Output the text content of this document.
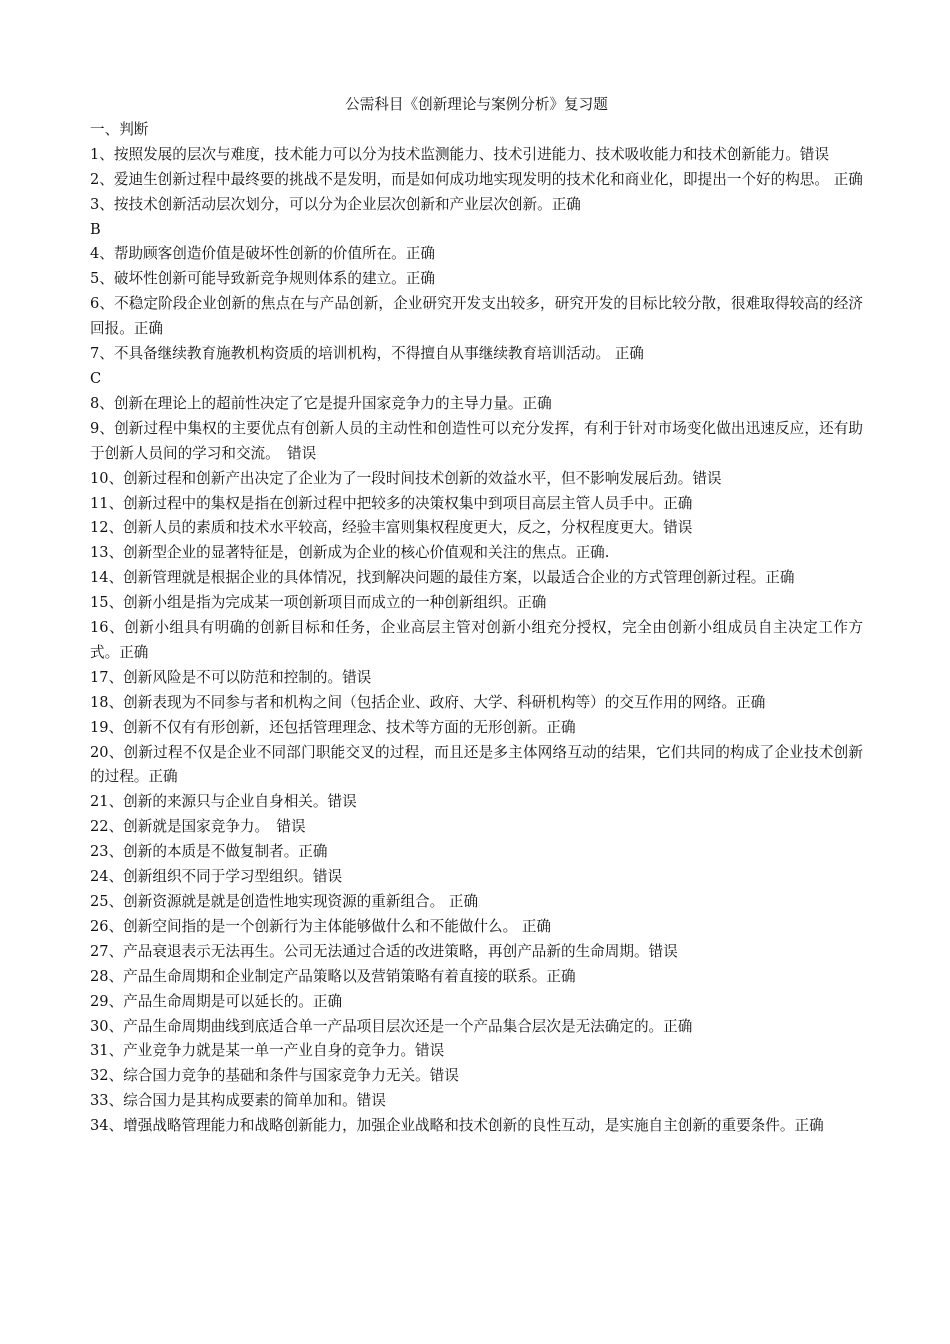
公需科目《创新理论与案例分析》复习题

一、判断

1、按照发展的层次与难度，技术能力可以分为技术监测能力、技术引进能力、技术吸收能力和技术创新能力。错误

2、爱迪生创新过程中最终要的挑战不是发明，而是如何成功地实现发明的技术化和商业化，即提出一个好的构思。 正确

3、按技术创新活动层次划分，可以分为企业层次创新和产业层次创新。正确

B

4、帮助顾客创造价值是破坏性创新的价值所在。正确

5、破坏性创新可能导致新竞争规则体系的建立。正确

6、不稳定阶段企业创新的焦点在与产品创新，企业研究开发支出较多，研究开发的目标比较分散，很难取得较高的经济回报。正确

7、不具备继续教育施教机构资质的培训机构，不得擅自从事继续教育培训活动。 正确

C

8、创新在理论上的超前性决定了它是提升国家竞争力的主导力量。正确

9、创新过程中集权的主要优点有创新人员的主动性和创造性可以充分发挥，有利于针对市场变化做出迅速反应，还有助于创新人员间的学习和交流。　错误

10、创新过程和创新产出决定了企业为了一段时间技术创新的效益水平，但不影响发展后劲。错误

11、创新过程中的集权是指在创新过程中把较多的决策权集中到项目高层主管人员手中。正确

12、创新人员的素质和技术水平较高，经验丰富则集权程度更大，反之，分权程度更大。错误

13、创新型企业的显著特征是，创新成为企业的核心价值观和关注的焦点。正确.

14、创新管理就是根据企业的具体情况，找到解决问题的最佳方案，以最适合企业的方式管理创新过程。正确

15、创新小组是指为完成某一项创新项目而成立的一种创新组织。正确

16、创新小组具有明确的创新目标和任务，企业高层主管对创新小组充分授权，完全由创新小组成员自主决定工作方式。正确

17、创新风险是不可以防范和控制的。错误

18、创新表现为不同参与者和机构之间（包括企业、政府、大学、科研机构等）的交互作用的网络。正确

19、创新不仅有有形创新，还包括管理理念、技术等方面的无形创新。正确

20、创新过程不仅是企业不同部门职能交叉的过程，而且还是多主体网络互动的结果，它们共同的构成了企业技术创新的过程。正确

21、创新的来源只与企业自身相关。错误

22、创新就是国家竞争力。　错误

23、创新的本质是不做复制者。正确

24、创新组织不同于学习型组织。错误

25、创新资源就是就是创造性地实现资源的重新组合。 正确

26、创新空间指的是一个创新行为主体能够做什么和不能做什么。 正确

27、产品衰退表示无法再生。公司无法通过合适的改进策略，再创产品新的生命周期。错误

28、产品生命周期和企业制定产品策略以及营销策略有着直接的联系。正确

29、产品生命周期是可以延长的。正确

30、产品生命周期曲线到底适合单一产品项目层次还是一个产品集合层次是无法确定的。正确

31、产业竞争力就是某一单一产业自身的竞争力。错误

32、综合国力竞争的基础和条件与国家竞争力无关。错误

33、综合国力是其构成要素的简单加和。错误

34、增强战略管理能力和战略创新能力，加强企业战略和技术创新的良性互动，是实施自主创新的重要条件。正确
